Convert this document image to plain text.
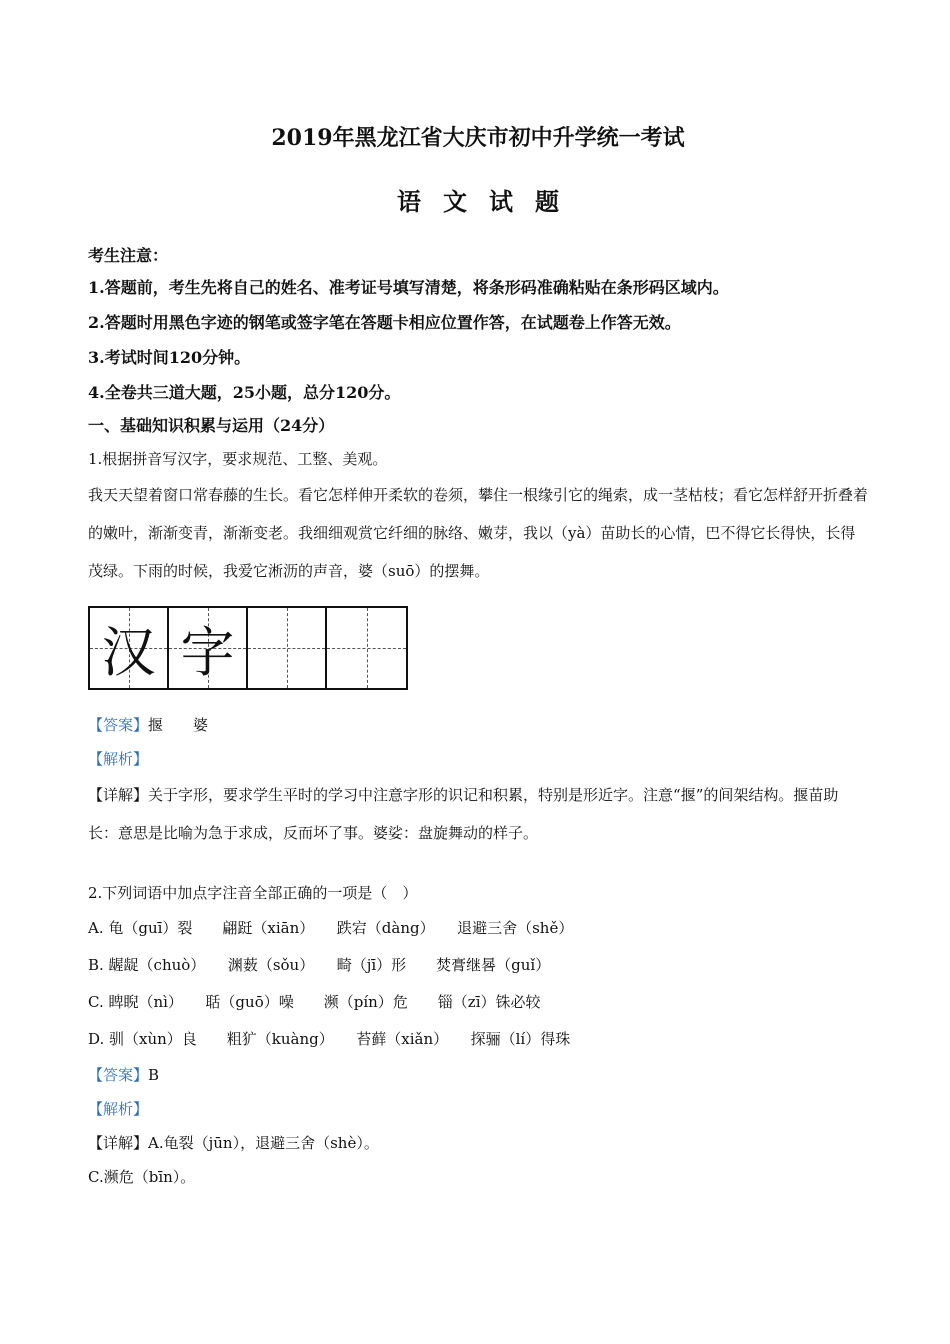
2019年黑龙江省大庆市初中升学统一考试
语文试题
考生注意：
1.答题前，考生先将自己的姓名、准考证号填写清楚，将条形码准确粘贴在条形码区域内。
2.答题时用黑色字迹的钢笔或签字笔在答题卡相应位置作答，在试题卷上作答无效。
3.考试时间120分钟。
4.全卷共三道大题，25小题，总分120分。
一、基础知识积累与运用（24分）
1.根据拼音写汉字，要求规范、工整、美观。
我天天望着窗口常春藤的生长。看它怎样伸开柔软的卷须，攀住一根缘引它的绳索，成一茎枯枝；看它怎样舒开折叠着的嫩叶，渐渐变青，渐渐变老。我细细观赏它纤细的脉络、嫩芽，我以（yà）苗助长的心情，巴不得它长得快，长得茂绿。下雨的时候，我爱它淅沥的声音，婆（suō）的摆舞。
汉 字
【答案】揠　　婆
【解析】
【详解】关于字形，要求学生平时的学习中注意字形的识记和积累，特别是形近字。注意“揠”的间架结构。揠苗助长：意思是比喻为急于求成，反而坏了事。婆娑：盘旋舞动的样子。
2.下列词语中加点字注音全部正确的一项是（　）
A. 龟（guī）裂　　翩跹（xiān）　　跌宕（dàng）　　退避三舍（shě）
B. 龌龊（chuò）　　渊薮（sǒu）　　畸（jī）形　　焚膏继晷（guǐ）
C. 睥睨（nì）　　聒（guō）噪　　濒（pín）危　　锱（zī）铢必较
D. 驯（xùn）良　　粗犷（kuàng）　　苔藓（xiǎn）　　探骊（lí）得珠
【答案】B
【解析】
【详解】A.龟裂（jūn），退避三舍（shè）。
C.濒危（bīn）。
